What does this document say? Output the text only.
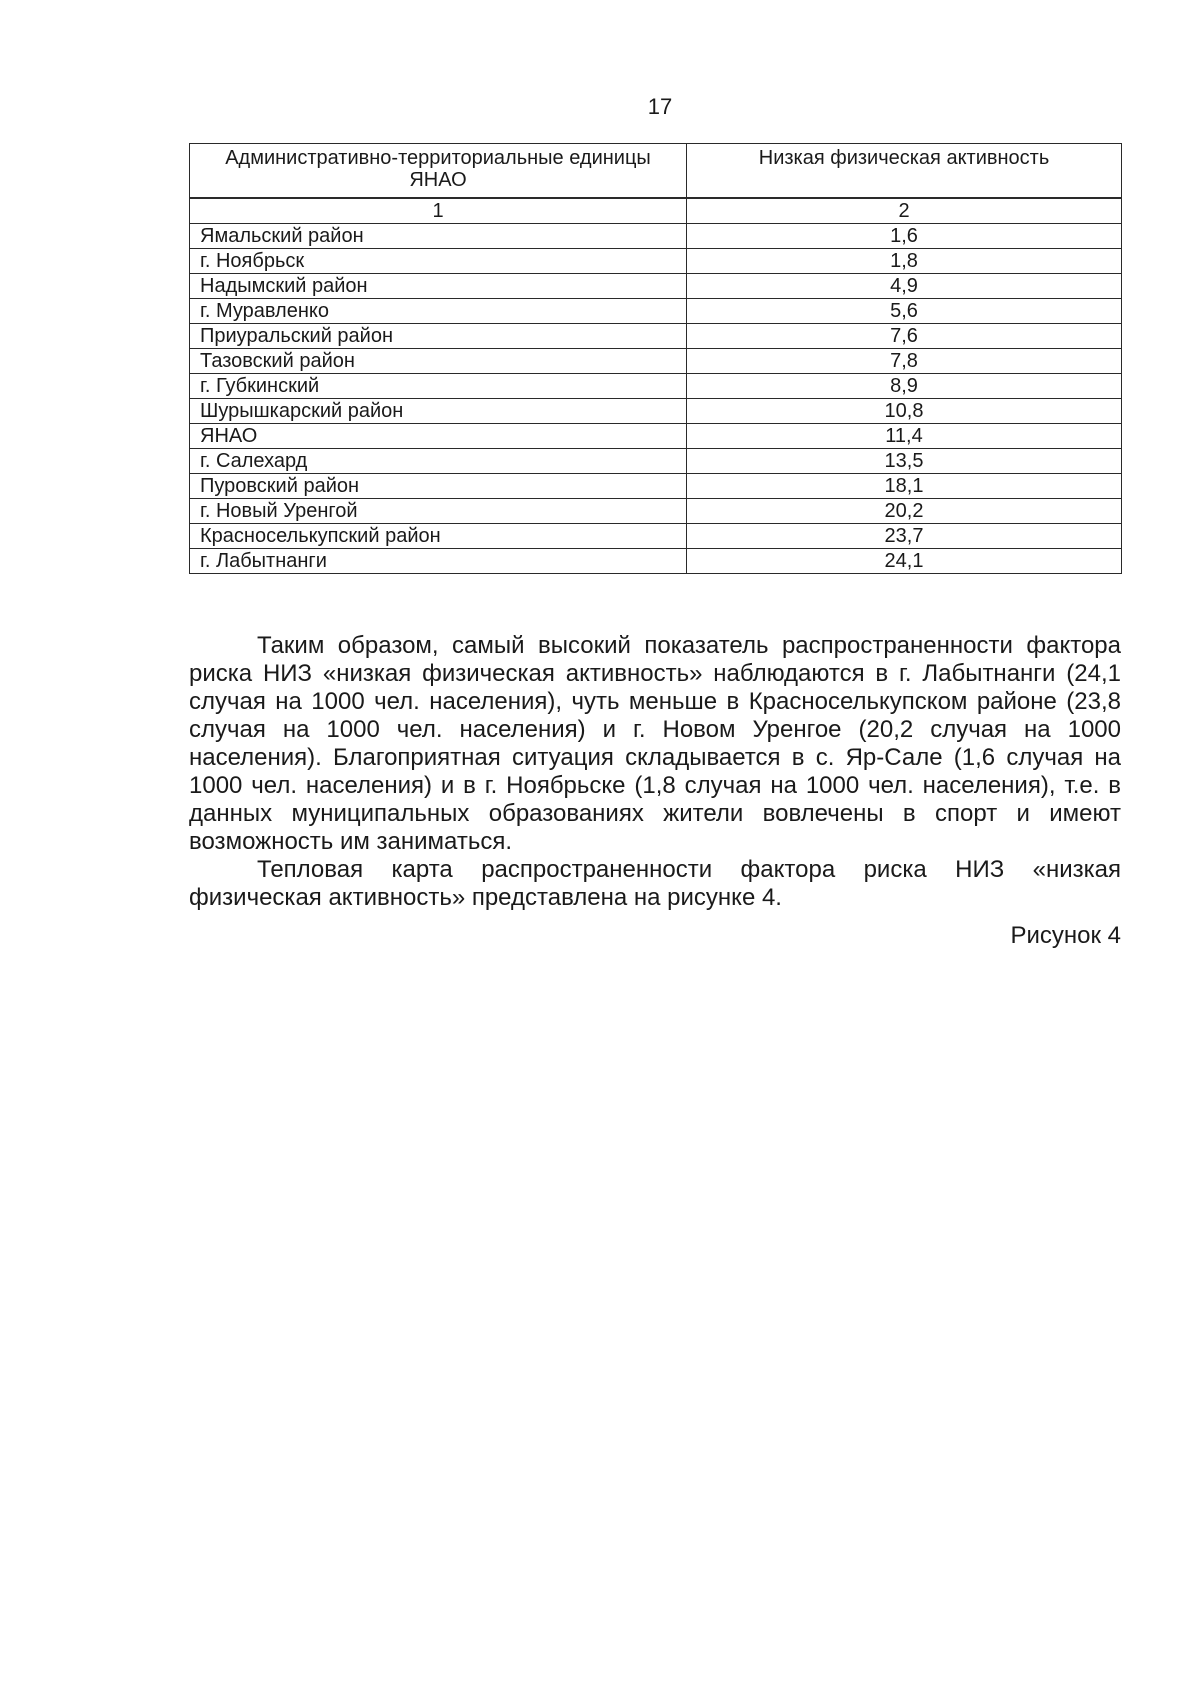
17
Административно-территориальные единицы ЯНАО	Низкая физическая активность
1	2
Ямальский район	1,6
г. Ноябрьск	1,8
Надымский район	4,9
г. Муравленко	5,6
Приуральский район	7,6
Тазовский район	7,8
г. Губкинский	8,9
Шурышкарский район	10,8
ЯНАО	11,4
г. Салехард	13,5
Пуровский район	18,1
г. Новый Уренгой	20,2
Красноселькупский район	23,7
г. Лабытнанги	24,1

Таким образом, самый высокий показатель распространенности фактора риска НИЗ «низкая физическая активность» наблюдаются в г. Лабытнанги (24,1 случая на 1000 чел. населения), чуть меньше в Красноселькупском районе (23,8 случая на 1000 чел. населения) и г. Новом Уренгое (20,2 случая на 1000 населения). Благоприятная ситуация складывается в с. Яр-Сале (1,6 случая на 1000 чел. населения) и в г. Ноябрьске (1,8 случая на 1000 чел. населения), т.е. в данных муниципальных образованиях жители вовлечены в спорт и имеют возможность им заниматься.

Тепловая карта распространенности фактора риска НИЗ «низкая физическая активность» представлена на рисунке 4.

Рисунок 4
